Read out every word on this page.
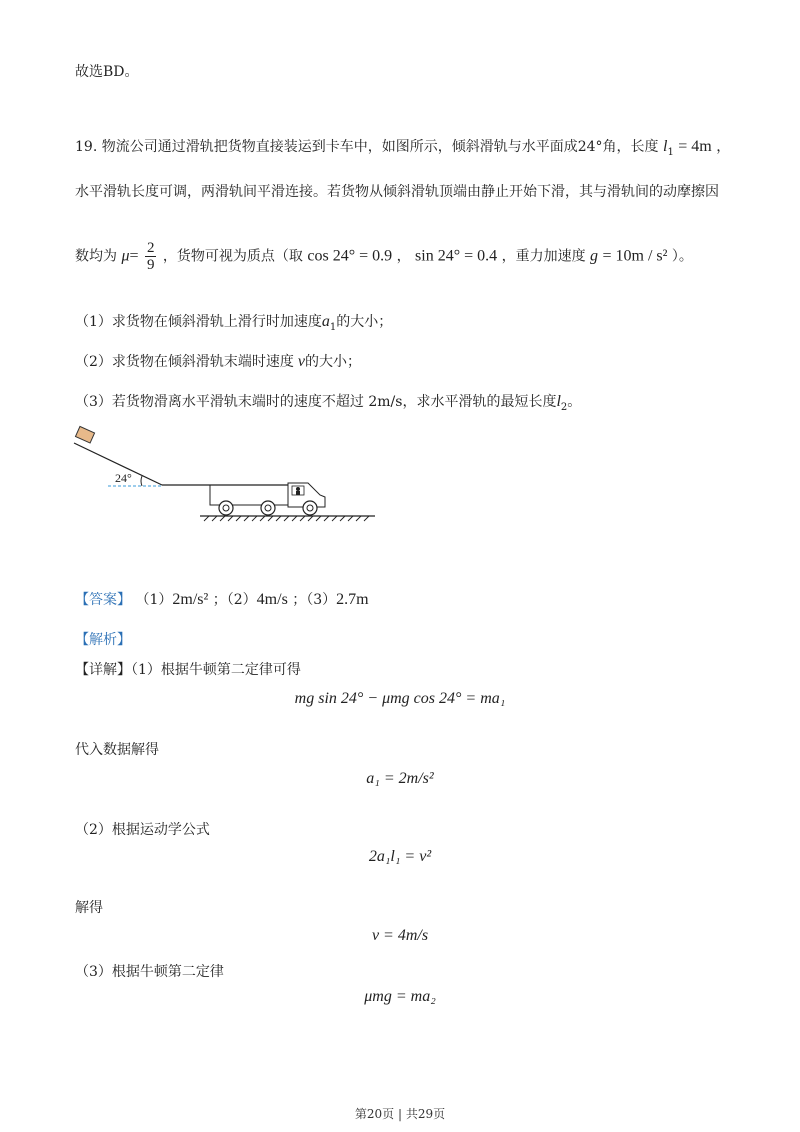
故选BD。
19. 物流公司通过滑轨把货物直接装运到卡车中，如图所示，倾斜滑轨与水平面成24°角，长度 $l_1 = 4m$ ，
水平滑轨长度可调，两滑轨间平滑连接。若货物从倾斜滑轨顶端由静止开始下滑，其与滑轨间的动摩擦因
数均为 $\mu= \frac{2}{9}$ ，货物可视为质点（取 cos 24° = 0.9 ， sin 24° = 0.4 ，重力加速度 g = 10m / s² ）。
（1）求货物在倾斜滑轨上滑行时加速度$a_1$的大小；
（2）求货物在倾斜滑轨末端时速度 v的大小；
（3）若货物滑离水平滑轨末端时的速度不超过 2m/s，求水平滑轨的最短长度$l_2$。
24°
【答案】 （1）2m/s² ；（2）4m/s ；（3）2.7m
【解析】
【详解】（1）根据牛顿第二定律可得
mg sin 24° − μmg cos 24° = ma₁
代入数据解得
a₁ = 2m/s²
（2）根据运动学公式
2a₁l₁ = v²
解得
v = 4m/s
（3）根据牛顿第二定律
μmg = ma₂
第20页 | 共29页
